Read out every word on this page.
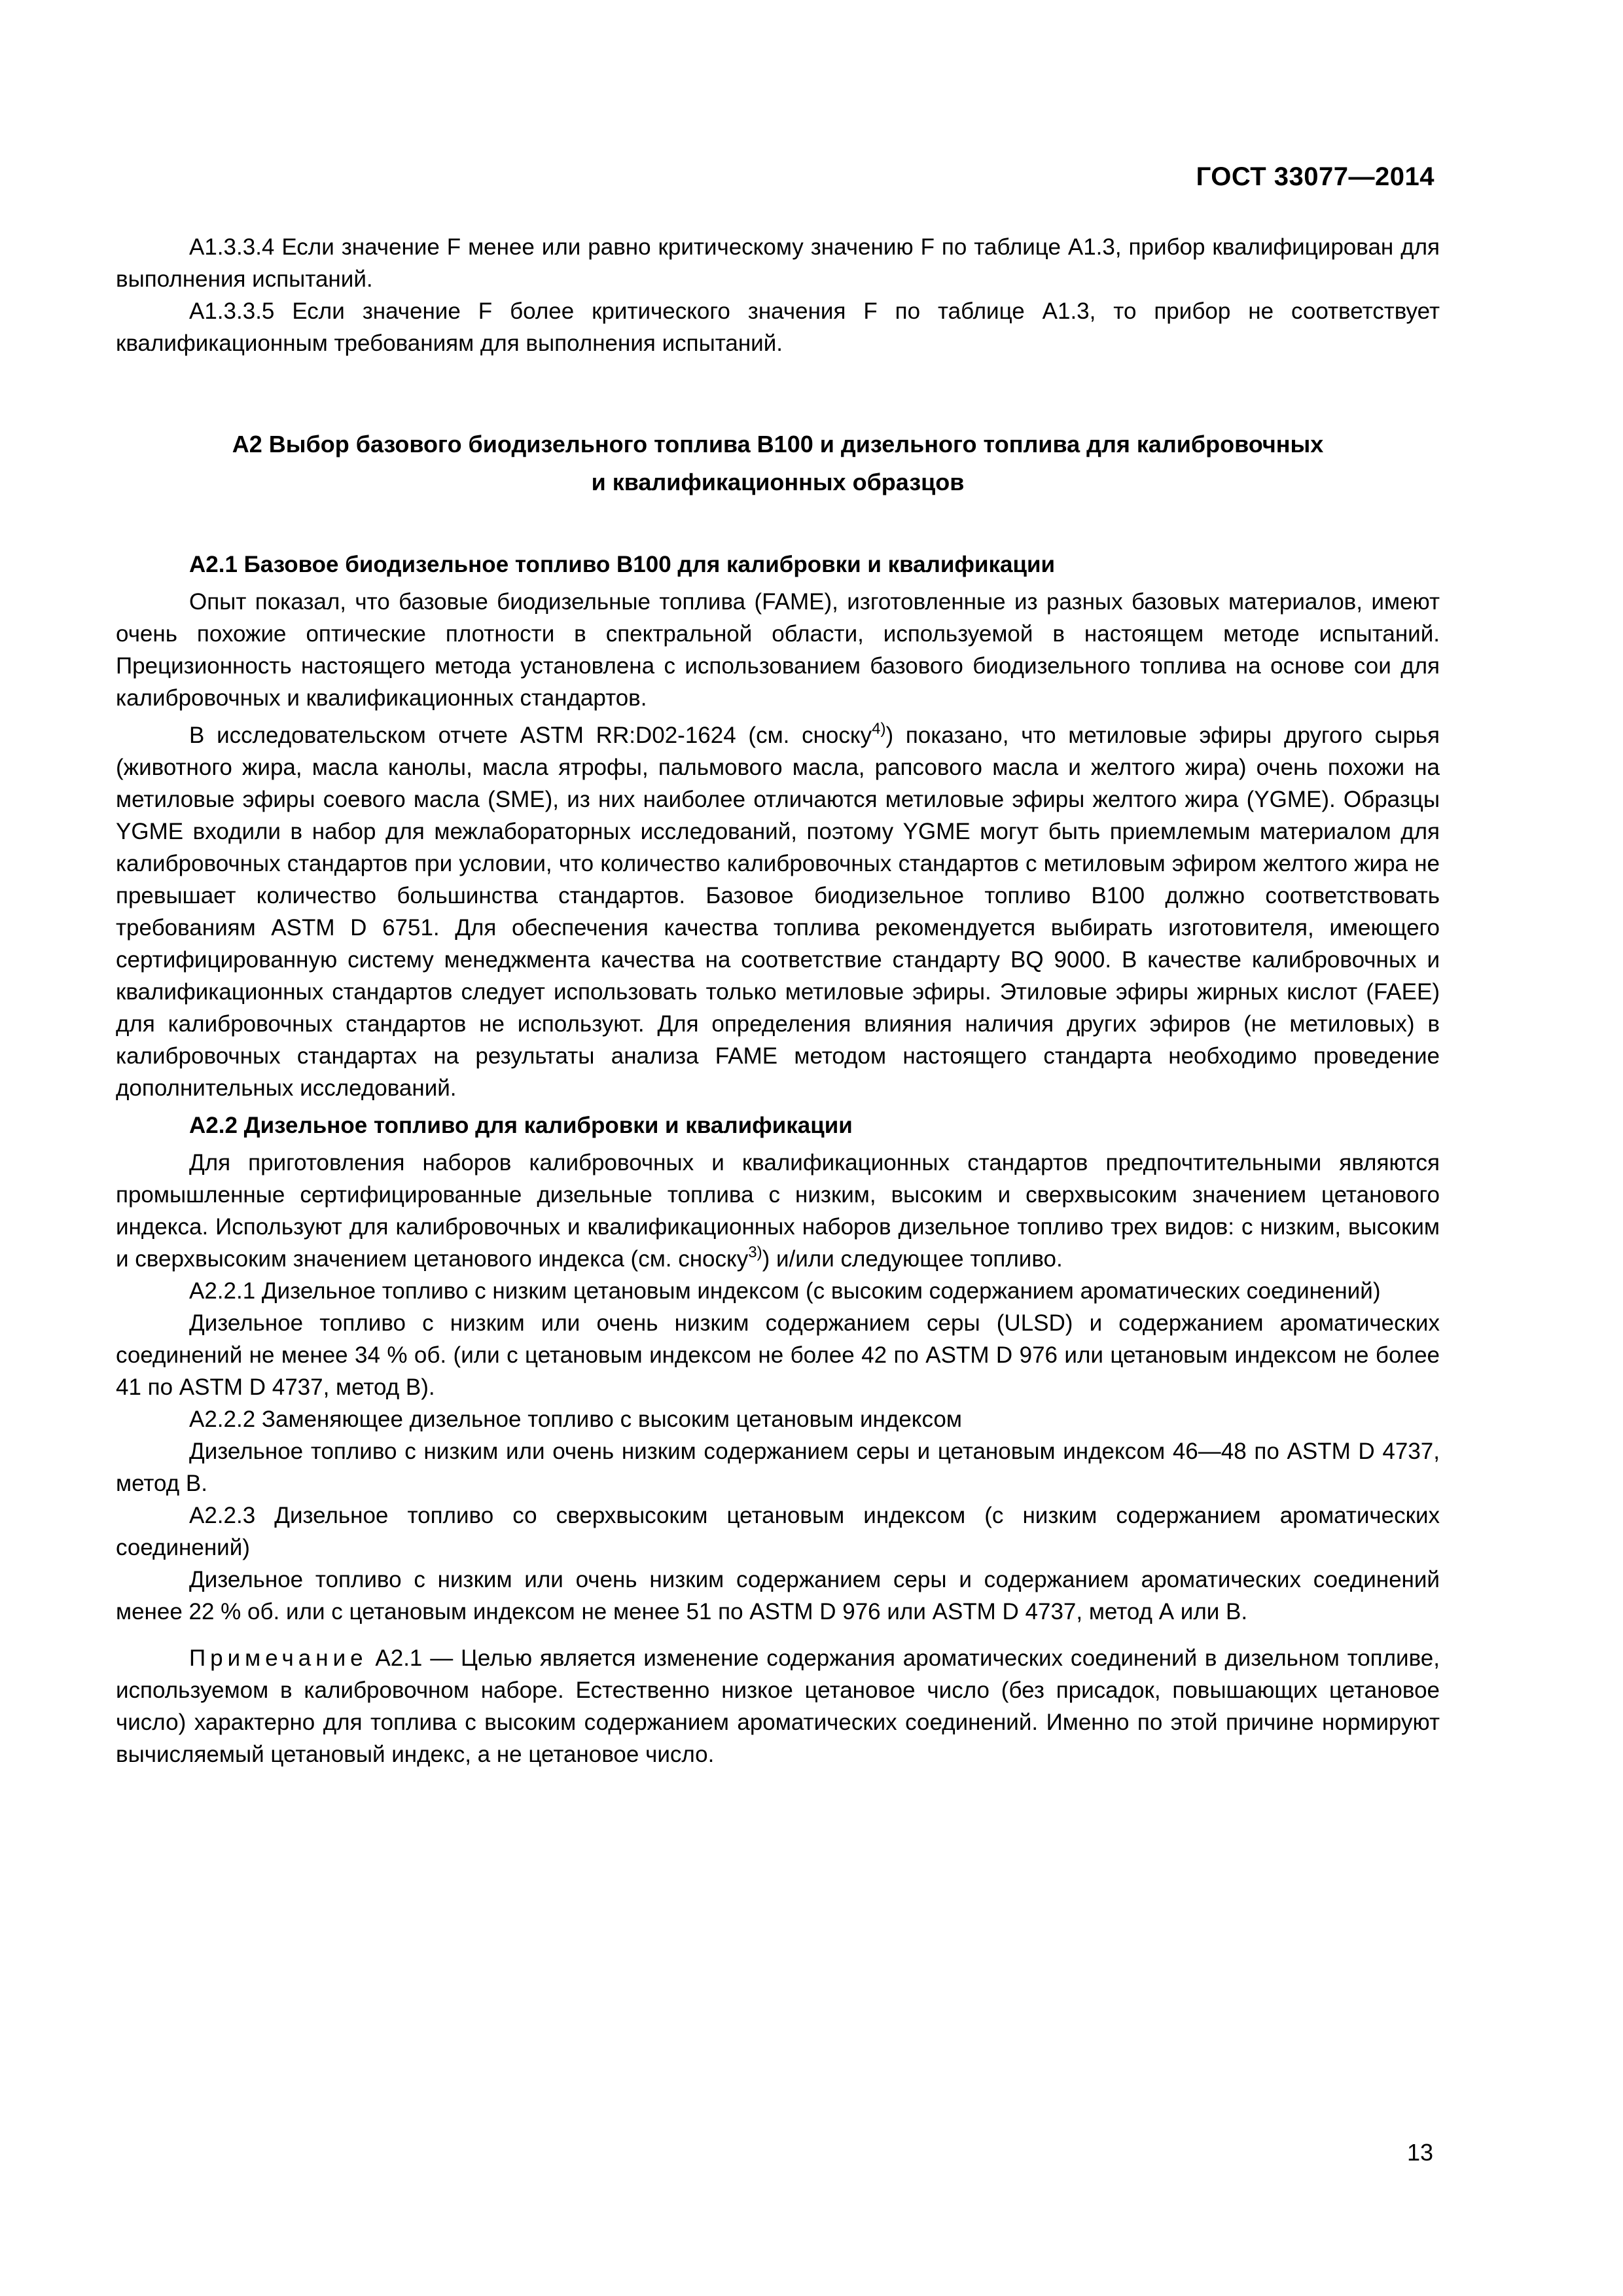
ГОСТ 33077—2014

А1.3.3.4 Если значение F менее или равно критическому значению F по таблице А1.3, прибор квалифицирован для выполнения испытаний.

А1.3.3.5 Если значение F более критического значения F по таблице А1.3, то прибор не соответствует квалификационным требованиям для выполнения испытаний.

А2 Выбор базового биодизельного топлива В100 и дизельного топлива для калибровочных
и квалификационных образцов

А2.1 Базовое биодизельное топливо В100 для калибровки и квалификации

Опыт показал, что базовые биодизельные топлива (FAME), изготовленные из разных базовых материалов, имеют очень похожие оптические плотности в спектральной области, используемой в настоящем методе испытаний. Прецизионность настоящего метода установлена с использованием базового биодизельного топлива на основе сои для калибровочных и квалификационных стандартов.

В исследовательском отчете ASTM RR:D02-1624 (см. сноску$^{4)}$) показано, что метиловые эфиры другого сырья (животного жира, масла канолы, масла ятрофы, пальмового масла, рапсового масла и желтого жира) очень похожи на метиловые эфиры соевого масла (SME), из них наиболее отличаются метиловые эфиры желтого жира (YGME). Образцы YGME входили в набор для межлабораторных исследований, поэтому YGME могут быть приемлемым материалом для калибровочных стандартов при условии, что количество калибровочных стандартов с метиловым эфиром желтого жира не превышает количество большинства стандартов. Базовое биодизельное топливо В100 должно соответствовать требованиям ASTM D 6751. Для обеспечения качества топлива рекомендуется выбирать изготовителя, имеющего сертифицированную систему менеджмента качества на соответствие стандарту BQ 9000. В качестве калибровочных и квалификационных стандартов следует использовать только метиловые эфиры. Этиловые эфиры жирных кислот (FAEE) для калибровочных стандартов не используют. Для определения влияния наличия других эфиров (не метиловых) в калибровочных стандартах на результаты анализа FAME методом настоящего стандарта необходимо проведение дополнительных исследований.

А2.2 Дизельное топливо для калибровки и квалификации

Для приготовления наборов калибровочных и квалификационных стандартов предпочтительными являются промышленные сертифицированные дизельные топлива с низким, высоким и сверхвысоким значением цетанового индекса. Используют для калибровочных и квалификационных наборов дизельное топливо трех видов: с низким, высоким и сверхвысоким значением цетанового индекса (см. сноску$^{3)}$) и/или следующее топливо.

А2.2.1 Дизельное топливо с низким цетановым индексом (с высоким содержанием ароматических соединений)

Дизельное топливо с низким или очень низким содержанием серы (ULSD) и содержанием ароматических соединений не менее 34 % об. (или с цетановым индексом не более 42 по ASTM D 976 или цетановым индексом не более 41 по ASTM D 4737, метод В).

А2.2.2 Заменяющее дизельное топливо с высоким цетановым индексом

Дизельное топливо с низким или очень низким содержанием серы и цетановым индексом 46—48 по ASTM D 4737, метод В.

А2.2.3 Дизельное топливо со сверхвысоким цетановым индексом (с низким содержанием ароматических соединений)

Дизельное топливо с низким или очень низким содержанием серы и содержанием ароматических соединений менее 22 % об. или с цетановым индексом не менее 51 по ASTM D 976 или ASTM D 4737, метод А или В.

Примечание А2.1 — Целью является изменение содержания ароматических соединений в дизельном топливе, используемом в калибровочном наборе. Естественно низкое цетановое число (без присадок, повышающих цетановое число) характерно для топлива с высоким содержанием ароматических соединений. Именно по этой причине нормируют вычисляемый цетановый индекс, а не цетановое число.

13
